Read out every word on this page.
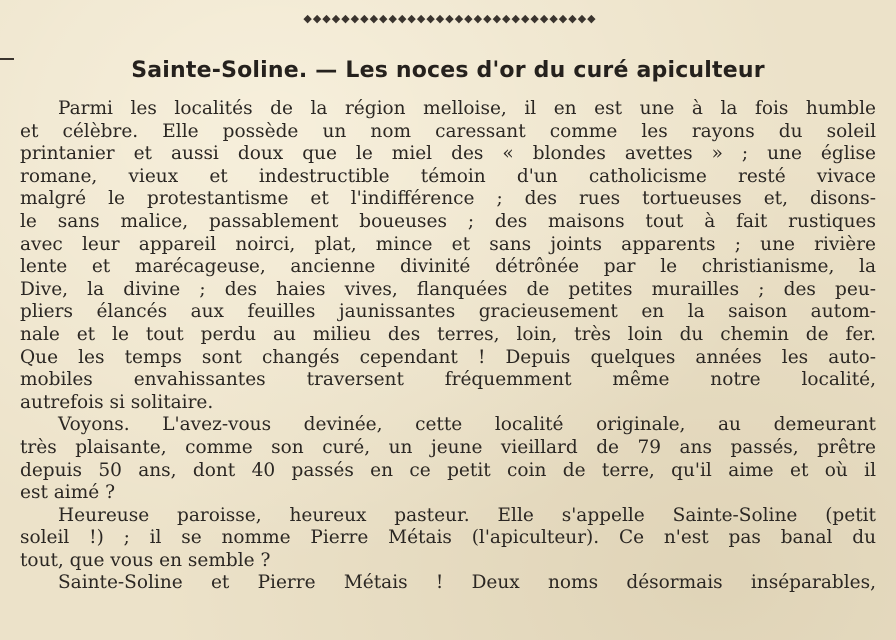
◆◆◆◆◆◆◆◆◆◆◆◆◆◆◆◆◆◆◆◆◆◆◆◆◆◆◆◆◆◆◆
Sainte-Soline. — Les noces d'or du curé apiculteur
Parmi les localités de la région melloise, il en est une à la fois humble
et célèbre. Elle possède un nom caressant comme les rayons du soleil
printanier et aussi doux que le miel des « blondes avettes » ; une église
romane, vieux et indestructible témoin d'un catholicisme resté vivace
malgré le protestantisme et l'indifférence ; des rues tortueuses et, disons-
le sans malice, passablement boueuses ; des maisons tout à fait rustiques
avec leur appareil noirci, plat, mince et sans joints apparents ; une rivière
lente et marécageuse, ancienne divinité détrônée par le christianisme, la
Dive, la divine ; des haies vives, flanquées de petites murailles ; des peu-
pliers élancés aux feuilles jaunissantes gracieusement en la saison autom-
nale et le tout perdu au milieu des terres, loin, très loin du chemin de fer.
Que les temps sont changés cependant ! Depuis quelques années les auto-
mobiles envahissantes traversent fréquemment même notre localité,
autrefois si solitaire.
Voyons. L'avez-vous devinée, cette localité originale, au demeurant
très plaisante, comme son curé, un jeune vieillard de 79 ans passés, prêtre
depuis 50 ans, dont 40 passés en ce petit coin de terre, qu'il aime et où il
est aimé ?
Heureuse paroisse, heureux pasteur. Elle s'appelle Sainte-Soline (petit
soleil !) ; il se nomme Pierre Métais (l'apiculteur). Ce n'est pas banal du
tout, que vous en semble ?
Sainte-Soline et Pierre Métais ! Deux noms désormais inséparables,
